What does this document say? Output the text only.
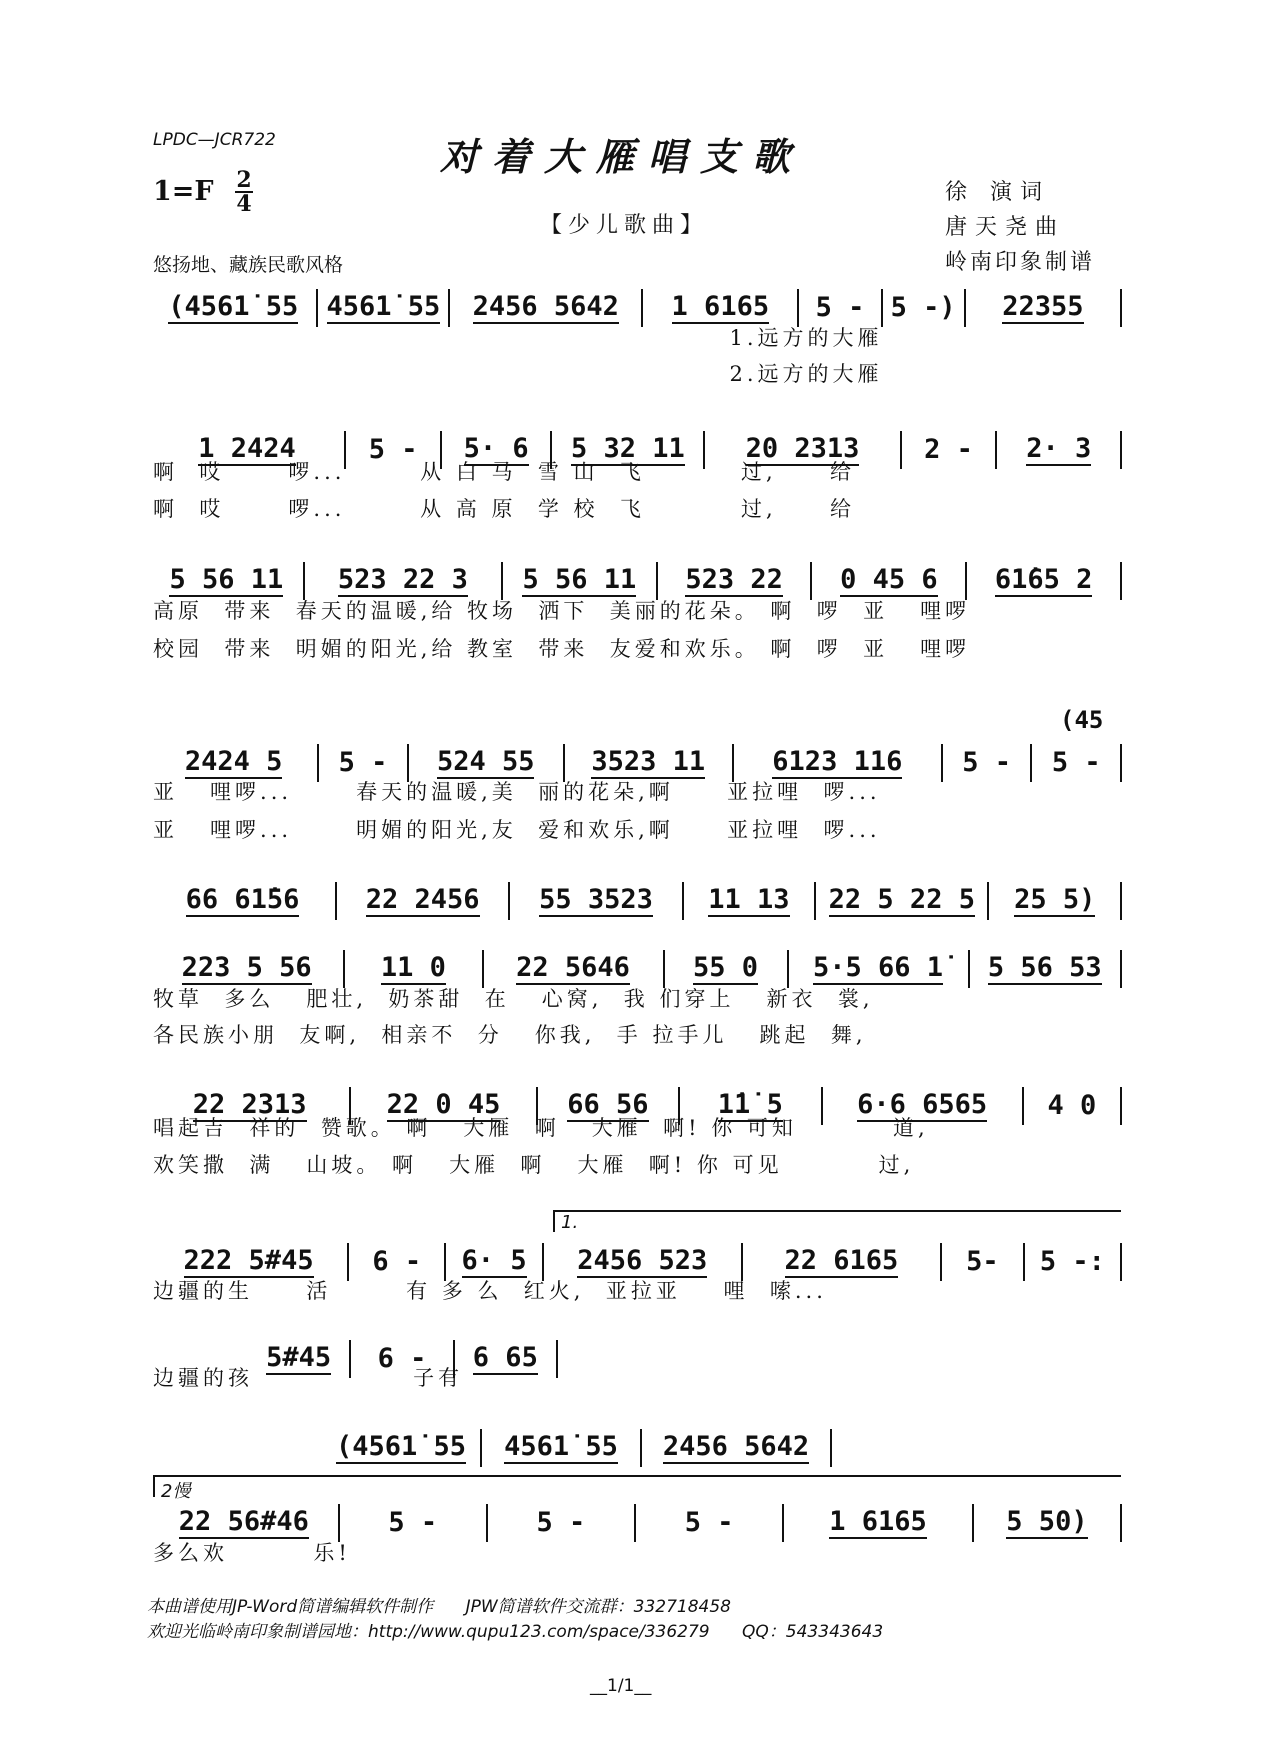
LPDC—JCR722	对着大雁唱支歌
1=F 2
4
【少儿歌曲】
悠扬地、藏族民歌风格
徐 演词
唐天尧曲
岭南印象制谱
(4561̇ 55 4561̇ 55 2456 5642 1 6165 5 - 5 -) 22355
1.远方的大雁
2.远方的大雁
1 2424	5 - 5· 6 5 32 11 20 2313 2 - 2· 3
啊  哎      啰...       从 白 马  雪 山  飞         过,     给
啊  哎      啰...       从 高 原  学 校  飞         过,     给
5 56 11 523 22 3 5 56 11 523 22 0 45 6 61̇65 2
高原  带来  春天的温暖,给 牧场  洒下  美丽的花朵。 啊  啰  亚   哩啰
校园  带来  明媚的阳光,给 教室  带来  友爱和欢乐。 啊  啰  亚   哩啰
2424 5 5 - 524 55 3523 11 6123 116 5 - 5 -
亚   哩啰...      春天的温暖,美  丽的花朵,啊     亚拉哩  啰...
亚   哩啰...      明媚的阳光,友  爱和欢乐,啊     亚拉哩  啰...
(45
66 61̇56 22 2456 55 3523 11 13 22 5 22 5 25 5)
223 5 56	11 0	22 5646 55 0 5·5 66 1̇ 5 56 53
牧草  多么   肥壮,  奶茶甜  在   心窝,  我 们穿上   新衣  裳,
各民族小朋  友啊,  相亲不  分   你我,  手 拉手儿   跳起  舞,
22 2313	22 0 45 66 56	1̇1̇ 5	6·6 6565 4 0
唱起吉  祥的  赞歌。 啊   大雁  啊   大雁  啊! 你 可知         道,
欢笑撒  满   山坡。 啊   大雁  啊   大雁  啊! 你 可见         过,
222 5#45 6 - 6· 5 2456 523	22 6165	5- 5 -:
边疆的生     活       有 多 么  红火,  亚拉亚    哩  嗦...
1.
5#45 6 - 6 65
边疆的孩               子有
(4561̇ 55 4561̇ 55 2456 5642
22 56#46	5 -	5 -	5 -	1 6165	5 50)
多么欢        乐!
2慢
本曲谱使用JP-Word简谱编辑软件制作      JPW简谱软件交流群：332718458
欢迎光临岭南印象制谱园地：http://www.qupu123.com/space/336279      QQ：543343643
__1/1__
